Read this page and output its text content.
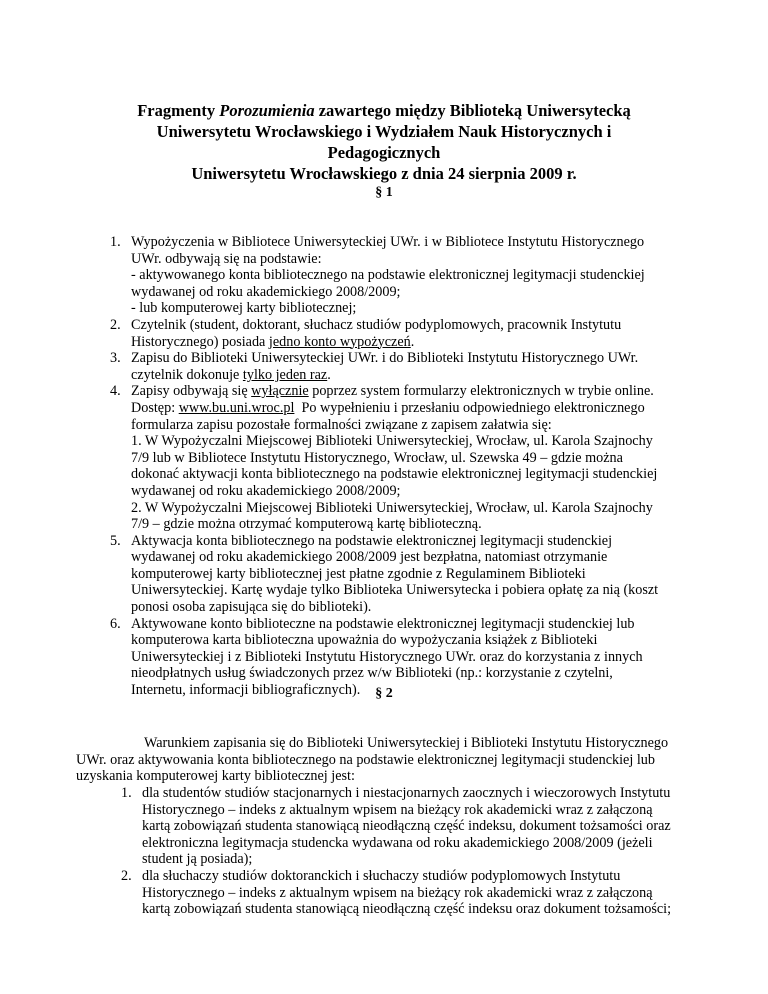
Fragmenty Porozumienia zawartego między Biblioteką Uniwersytecką
Uniwersytetu Wrocławskiego i Wydziałem Nauk Historycznych i Pedagogicznych
Uniwersytetu Wrocławskiego z dnia 24 sierpnia 2009 r.
§ 1
1. Wypożyczenia w Bibliotece Uniwersyteckiej UWr. i w Bibliotece Instytutu Historycznego
UWr. odbywają się na podstawie:
- aktywowanego konta bibliotecznego na podstawie elektronicznej legitymacji studenckiej
wydawanej od roku akademickiego 2008/2009;
- lub komputerowej karty bibliotecznej;
2. Czytelnik (student, doktorant, słuchacz studiów podyplomowych, pracownik Instytutu
Historycznego) posiada jedno konto wypożyczeń.
3. Zapisu do Biblioteki Uniwersyteckiej UWr. i do Biblioteki Instytutu Historycznego UWr.
czytelnik dokonuje tylko jeden raz.
4. Zapisy odbywają się wyłącznie poprzez system formularzy elektronicznych w trybie online.
Dostęp: www.bu.uni.wroc.pl  Po wypełnieniu i przesłaniu odpowiedniego elektronicznego
formularza zapisu pozostałe formalności związane z zapisem załatwia się:
1. W Wypożyczalni Miejscowej Biblioteki Uniwersyteckiej, Wrocław, ul. Karola Szajnochy
7/9 lub w Bibliotece Instytutu Historycznego, Wrocław, ul. Szewska 49 – gdzie można
dokonać aktywacji konta bibliotecznego na podstawie elektronicznej legitymacji studenckiej
wydawanej od roku akademickiego 2008/2009;
2. W Wypożyczalni Miejscowej Biblioteki Uniwersyteckiej, Wrocław, ul. Karola Szajnochy
7/9 – gdzie można otrzymać komputerową kartę biblioteczną.
5. Aktywacja konta bibliotecznego na podstawie elektronicznej legitymacji studenckiej
wydawanej od roku akademickiego 2008/2009 jest bezpłatna, natomiast otrzymanie
komputerowej karty bibliotecznej jest płatne zgodnie z Regulaminem Biblioteki
Uniwersyteckiej. Kartę wydaje tylko Biblioteka Uniwersytecka i pobiera opłatę za nią (koszt
ponosi osoba zapisująca się do biblioteki).
6. Aktywowane konto biblioteczne na podstawie elektronicznej legitymacji studenckiej lub
komputerowa karta biblioteczna upoważnia do wypożyczania książek z Biblioteki
Uniwersyteckiej i z Biblioteki Instytutu Historycznego UWr. oraz do korzystania z innych
nieodpłatnych usług świadczonych przez w/w Biblioteki (np.: korzystanie z czytelni,
Internetu, informacji bibliograficznych).	§ 2
Warunkiem zapisania się do Biblioteki Uniwersyteckiej i Biblioteki Instytutu Historycznego
UWr. oraz aktywowania konta bibliotecznego na podstawie elektronicznej legitymacji studenckiej lub
uzyskania komputerowej karty bibliotecznej jest:
1. dla studentów studiów stacjonarnych i niestacjonarnych zaocznych i wieczorowych Instytutu
Historycznego – indeks z aktualnym wpisem na bieżący rok akademicki wraz z załączoną
kartą zobowiązań studenta stanowiącą nieodłączną część indeksu, dokument tożsamości oraz
elektroniczna legitymacja studencka wydawana od roku akademickiego 2008/2009 (jeżeli
student ją posiada);
2. dla słuchaczy studiów doktoranckich i słuchaczy studiów podyplomowych Instytutu
Historycznego – indeks z aktualnym wpisem na bieżący rok akademicki wraz z załączoną
kartą zobowiązań studenta stanowiącą nieodłączną część indeksu oraz dokument tożsamości;
